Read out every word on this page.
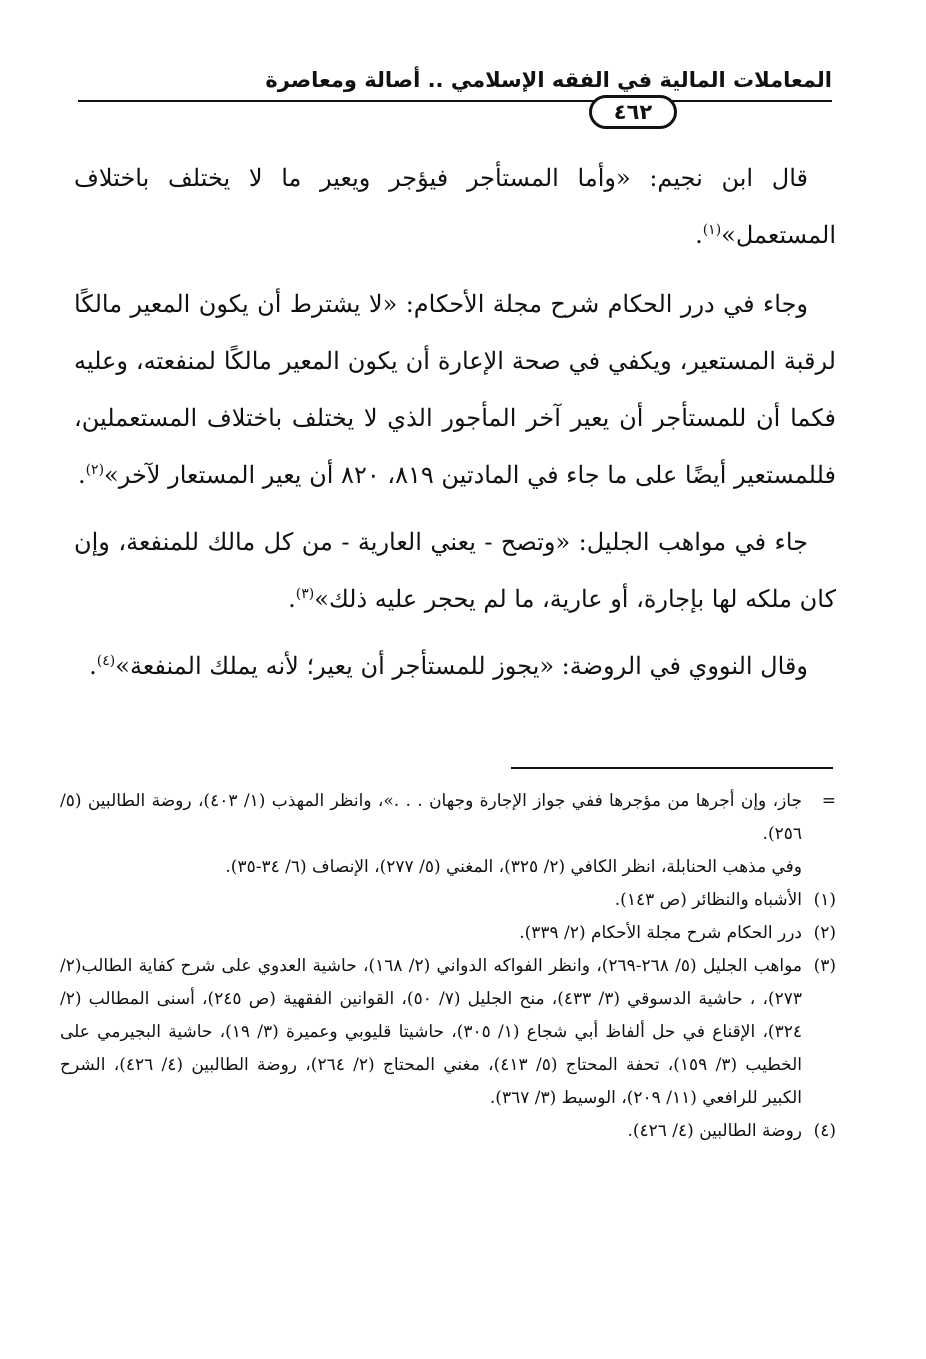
المعاملات المالية في الفقه الإسلامي .. أصالة ومعاصرة
٤٦٢

قال ابن نجيم: «وأما المستأجر فيؤجر ويعير ما لا يختلف باختلاف المستعمل»$^{(١)}$.

وجاء في درر الحكام شرح مجلة الأحكام: «لا يشترط أن يكون المعير مالكًا لرقبة المستعير، ويكفي في صحة الإعارة أن يكون المعير مالكًا لمنفعته، وعليه فكما أن للمستأجر أن يعير آخر المأجور الذي لا يختلف باختلاف المستعملين، فللمستعير أيضًا على ما جاء في المادتين ٨١٩، ٨٢٠ أن يعير المستعار لآخر»$^{(٢)}$.

جاء في مواهب الجليل: «وتصح - يعني العارية - من كل مالك للمنفعة، وإن كان ملكه لها بإجارة، أو عارية، ما لم يحجر عليه ذلك»$^{(٣)}$.

وقال النووي في الروضة: «يجوز للمستأجر أن يعير؛ لأنه يملك المنفعة»$^{(٤)}$.

=
جاز، وإن أجرها من مؤجرها ففي جواز الإجارة وجهان . . .»، وانظر المهذب (١/ ٤٠٣)، روضة الطالبين (٥/ ٢٥٦).
وفي مذهب الحنابلة، انظر الكافي (٢/ ٣٢٥)، المغني (٥/ ٢٧٧)، الإنصاف (٦/ ٣٤-٣٥).
(١)
الأشباه والنظائر (ص ١٤٣).
(٢)
درر الحكام شرح مجلة الأحكام (٢/ ٣٣٩).
(٣)
مواهب الجليل (٥/ ٢٦٨-٢٦٩)، وانظر الفواكه الدواني (٢/ ١٦٨)، حاشية العدوي على شرح كفاية الطالب(٢/ ٢٧٣)، ، حاشية الدسوقي (٣/ ٤٣٣)، منح الجليل (٧/ ٥٠)، القوانين الفقهية (ص ٢٤٥)، أسنى المطالب (٢/ ٣٢٤)، الإقناع في حل ألفاظ أبي شجاع (١/ ٣٠٥)، حاشيتا قليوبي وعميرة (٣/ ١٩)، حاشية البجيرمي على الخطيب (٣/ ١٥٩)، تحفة المحتاج (٥/ ٤١٣)، مغني المحتاج (٢/ ٢٦٤)، روضة الطالبين (٤/ ٤٢٦)، الشرح الكبير للرافعي (١١/ ٢٠٩)، الوسيط (٣/ ٣٦٧).
(٤)
روضة الطالبين (٤/ ٤٢٦).
